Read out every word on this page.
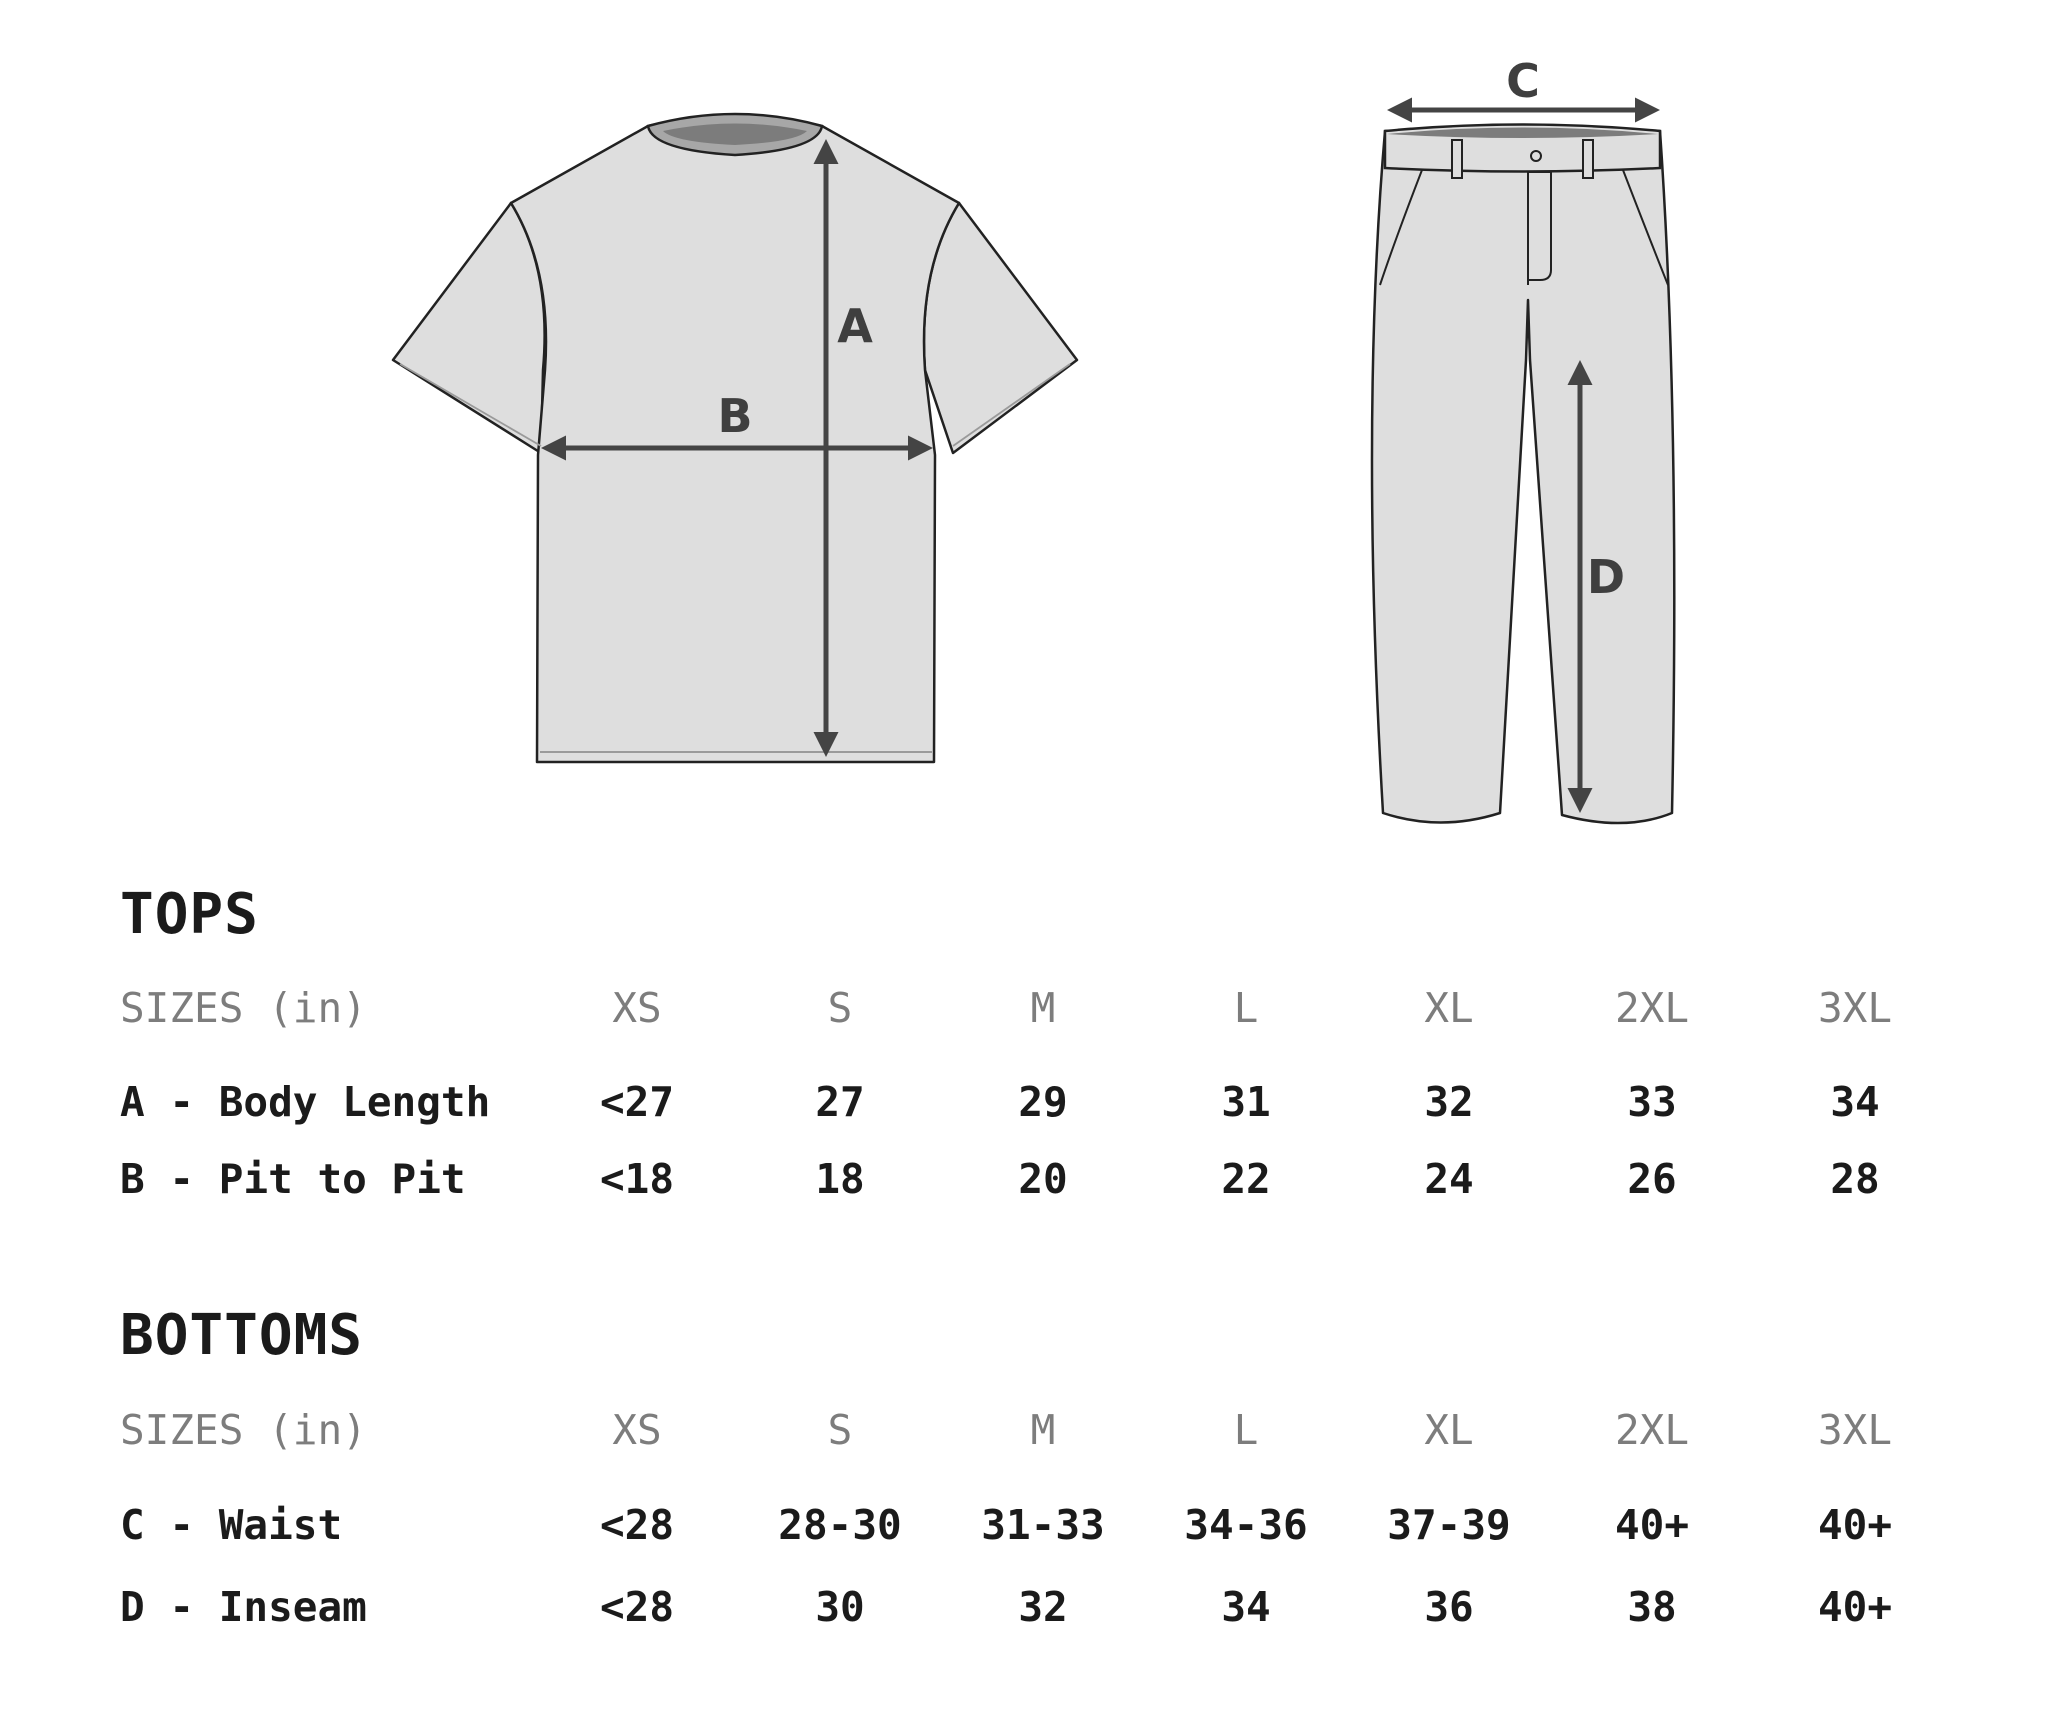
A
B
C
D
TOPS
SIZES (in)	XS	S	M	L	XL	2XL	3XL
A - Body Length	<27	27	29	31	32	33	34
B - Pit to Pit	<18	18	20	22	24	26	28
BOTTOMS
SIZES (in)	XS	S	M	L	XL	2XL	3XL
C - Waist	<28	28-30	31-33	34-36	37-39	40+	40+
D - Inseam	<28	30	32	34	36	38	40+
